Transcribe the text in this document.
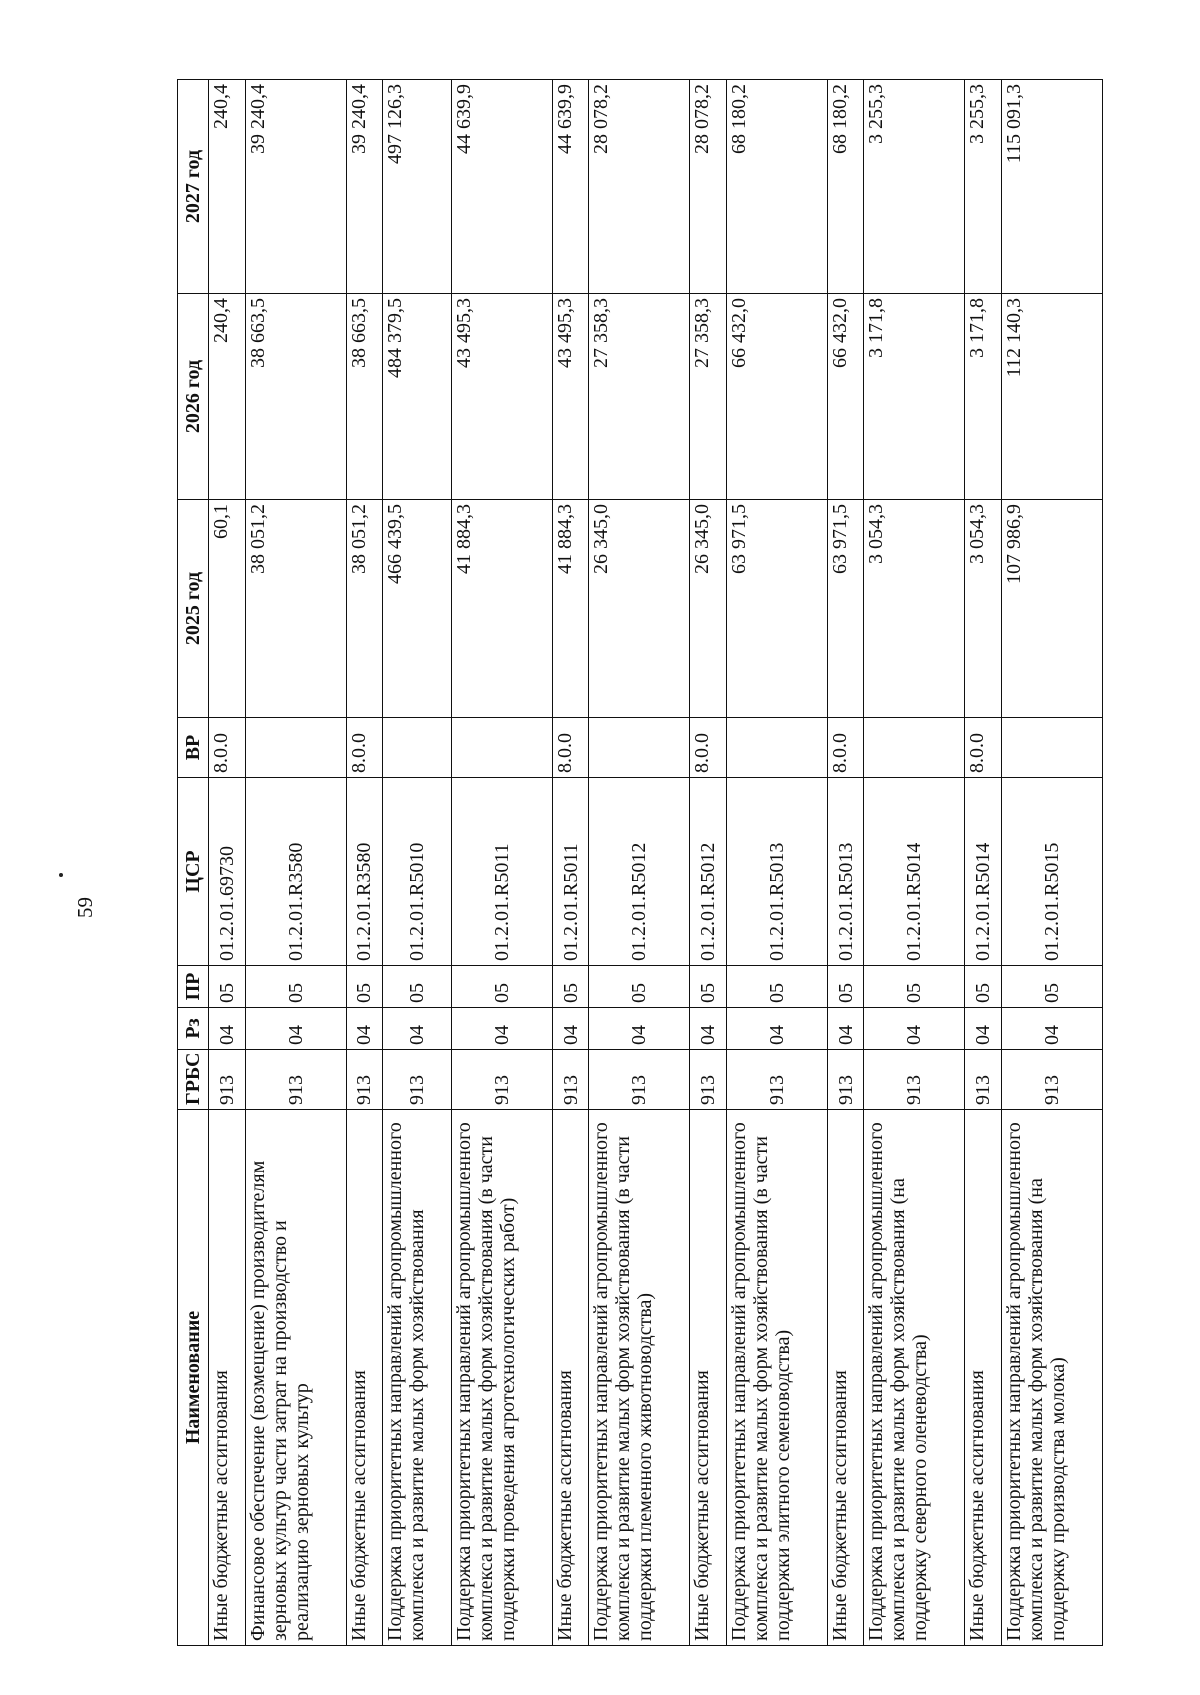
59
Наименование	ГРБС	Рз	ПР	ЦСР	ВР	2025 год	2026 год	2027 год
Иные бюджетные ассигнования	913	04	05	01.2.01.69730	8.0.0	60,1	240,4	240,4
Финансовое обеспечение (возмещение) производителям зерновых культур части затрат на производство и реализацию зерновых культур	913	04	05	01.2.01.R3580		38 051,2	38 663,5	39 240,4
Иные бюджетные ассигнования	913	04	05	01.2.01.R3580	8.0.0	38 051,2	38 663,5	39 240,4
Поддержка приоритетных направлений агропромышленного комплекса и развитие малых форм хозяйствования	913	04	05	01.2.01.R5010		466 439,5	484 379,5	497 126,3
Поддержка приоритетных направлений агропромышленного комплекса и развитие малых форм хозяйствования (в части поддержки проведения агротехнологических работ)	913	04	05	01.2.01.R5011		41 884,3	43 495,3	44 639,9
Иные бюджетные ассигнования	913	04	05	01.2.01.R5011	8.0.0	41 884,3	43 495,3	44 639,9
Поддержка приоритетных направлений агропромышленного комплекса и развитие малых форм хозяйствования (в части поддержки племенного животноводства)	913	04	05	01.2.01.R5012		26 345,0	27 358,3	28 078,2
Иные бюджетные ассигнования	913	04	05	01.2.01.R5012	8.0.0	26 345,0	27 358,3	28 078,2
Поддержка приоритетных направлений агропромышленного комплекса и развитие малых форм хозяйствования (в части поддержки элитного семеноводства)	913	04	05	01.2.01.R5013		63 971,5	66 432,0	68 180,2
Иные бюджетные ассигнования	913	04	05	01.2.01.R5013	8.0.0	63 971,5	66 432,0	68 180,2
Поддержка приоритетных направлений агропромышленного комплекса и развитие малых форм хозяйствования (на поддержку северного оленеводства)	913	04	05	01.2.01.R5014		3 054,3	3 171,8	3 255,3
Иные бюджетные ассигнования	913	04	05	01.2.01.R5014	8.0.0	3 054,3	3 171,8	3 255,3
Поддержка приоритетных направлений агропромышленного комплекса и развитие малых форм хозяйствования (на поддержку производства молока)	913	04	05	01.2.01.R5015		107 986,9	112 140,3	115 091,3
